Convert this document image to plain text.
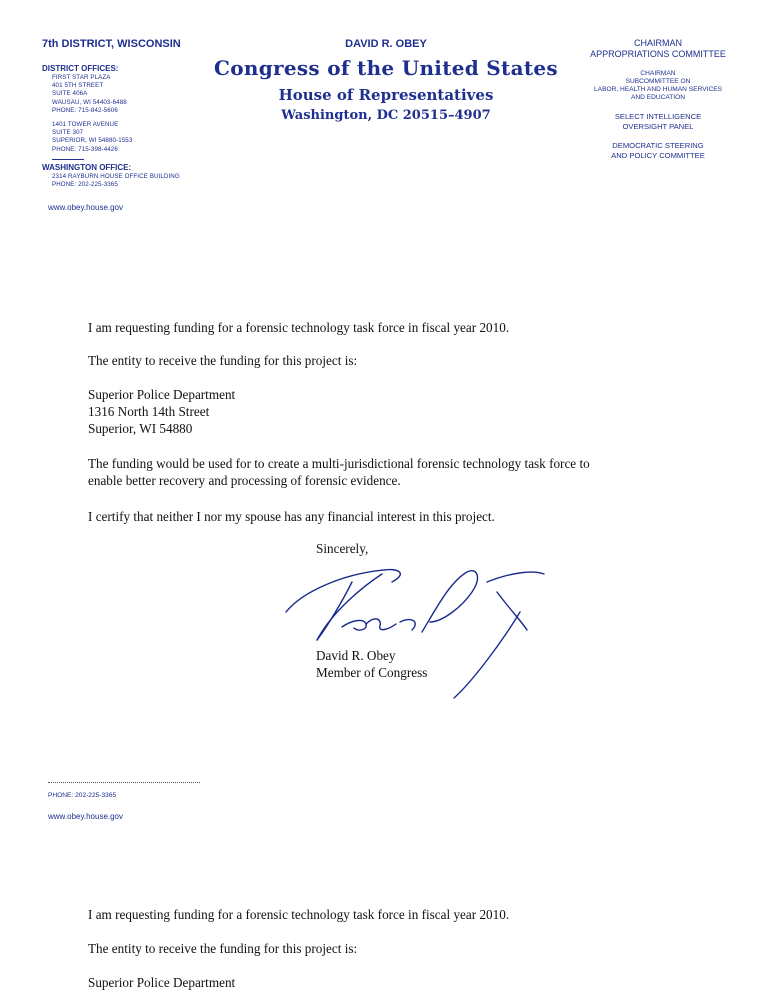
7th DISTRICT, WISCONSIN

DISTRICT OFFICES:

FIRST STAR PLAZA

401 5TH STREET

SUITE 406A

WAUSAU, WI 54403-6488

PHONE: 715-842-5606

1401 TOWER AVENUE

SUITE 307

SUPERIOR, WI 54880-1553

PHONE: 715-398-4426

WASHINGTON OFFICE:

2314 RAYBURN HOUSE OFFICE BUILDING

PHONE: 202-225-3365

www.obey.house.gov

DAVID R. OBEY

Congress of the United States

House of Representatives

Washington, DC 20515–4907

CHAIRMAN

APPROPRIATIONS COMMITTEE

CHAIRMAN

SUBCOMMITTEE ON

LABOR, HEALTH AND HUMAN SERVICES

AND EDUCATION

SELECT INTELLIGENCE

OVERSIGHT PANEL

DEMOCRATIC STEERING

AND POLICY COMMITTEE

I am requesting funding for a forensic technology task force in fiscal year 2010.

The entity to receive the funding for this project is:

Superior Police Department

1316 North 14th Street

Superior, WI 54880

The funding would be used for to create a multi-jurisdictional forensic technology task force to

enable better recovery and processing of forensic evidence.

I certify that neither I nor my spouse has any financial interest in this project.

Sincerely,

David R. Obey

Member of Congress

PHONE: 202-225-3365

www.obey.house.gov

I am requesting funding for a forensic technology task force in fiscal year 2010.

The entity to receive the funding for this project is:

Superior Police Department
